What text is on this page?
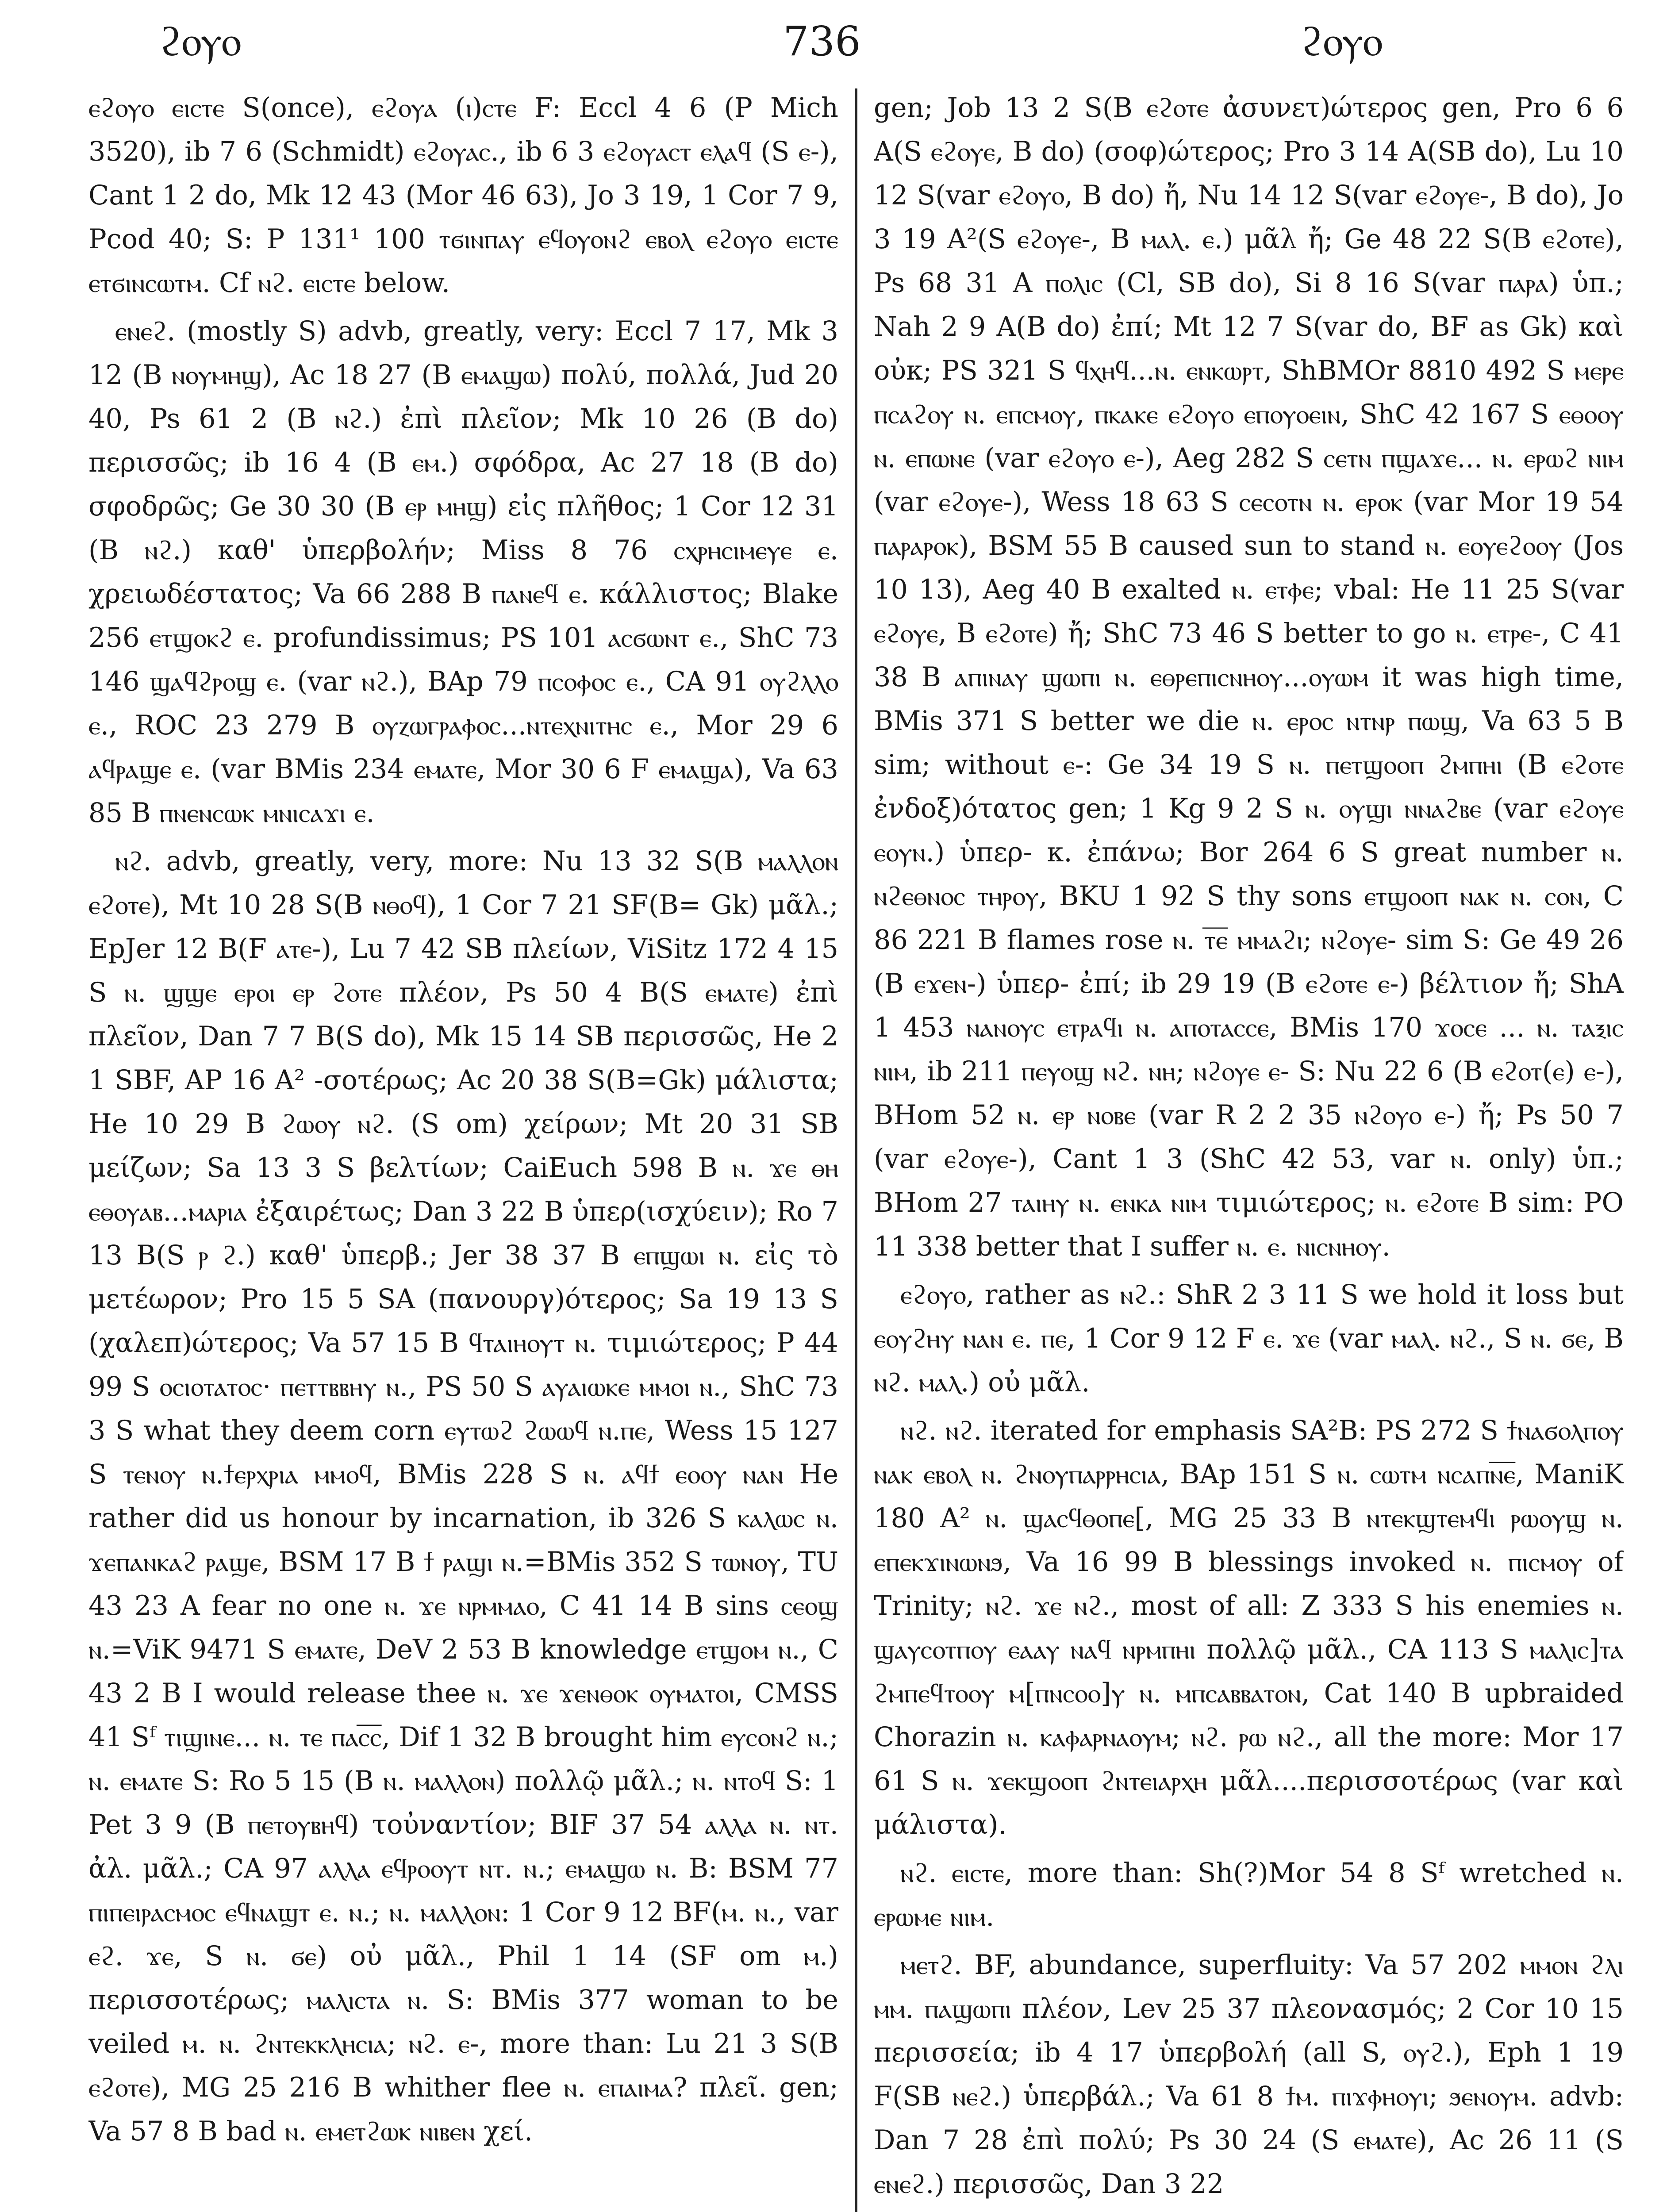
ϩⲟⲩⲟ	736	ϩⲟⲩⲟ

ⲉϩⲟⲩⲟ ⲉⲓⲥⲧⲉ S(once), ⲉϩⲟⲩⲁ (ⲓ)ⲥⲧⲉ F: Eccl 4 6 (P Mich 3520), ib 7 6 (Schmidt) ⲉϩⲟⲩⲁⲥ., ib 6 3 ⲉϩⲟⲩⲁⲥⲧ ⲉⲗⲁϥ (S ⲉ-), Cant 1 2 do, Mk 12 43 (Mor 46 63), Jo 3 19, 1 Cor 7 9, Pcod 40; S: P 131¹ 100 ⲧϭⲓⲛⲡⲁⲩ ⲉϥⲟⲩⲟⲛϩ ⲉⲃⲟⲗ ⲉϩⲟⲩⲟ ⲉⲓⲥⲧⲉ ⲉⲧϭⲓⲛⲥⲱⲧⲙ. Cf ⲛϩ. ⲉⲓⲥⲧⲉ below.

ⲉⲛⲉϩ. (mostly S) advb, greatly, very: Eccl 7 17, Mk 3 12 (B ⲛⲟⲩⲙⲏϣ), Ac 18 27 (B ⲉⲙⲁϣⲱ) πολύ, πολλά, Jud 20 40, Ps 61 2 (B ⲛϩ.) ἐπὶ πλεῖον; Mk 10 26 (B do) περισσῶς; ib 16 4 (B ⲉⲙ.) σφόδρα, Ac 27 18 (B do) σφοδρῶς; Ge 30 30 (B ⲉⲣ ⲙⲏϣ) εἰς πλῆθος; 1 Cor 12 31 (B ⲛϩ.) καθ' ὑπερβολήν; Miss 8 76 ⲥⲭⲣⲏⲥⲓⲙⲉⲩⲉ ⲉ. χρειωδέστατος; Va 66 288 B ⲡⲁⲛⲉϥ ⲉ. κάλλιστος; Blake 256 ⲉⲧϣⲟⲕϩ ⲉ. profundissimus; PS 101 ⲁⲥϭⲱⲛⲧ ⲉ., ShC 73 146 ϣⲁϥϩⲣⲟϣ ⲉ. (var ⲛϩ.), BAp 79 ⲡⲥⲟⲫⲟⲥ ⲉ., CA 91 ⲟⲩϩⲗⲗⲟ ⲉ., ROC 23 279 B ⲟⲩⲍⲱⲅⲣⲁⲫⲟⲥ...ⲛⲧⲉⲭⲛⲓⲧⲏⲥ ⲉ., Mor 29 6 ⲁϥⲣⲁϣⲉ ⲉ. (var BMis 234 ⲉⲙⲁⲧⲉ, Mor 30 6 F ⲉⲙⲁϣⲁ), Va 63 85 B ⲡⲛⲉⲛⲥⲱⲕ ⲙⲛⲓⲥⲁϫⲓ ⲉ.

ⲛϩ. advb, greatly, very, more: Nu 13 32 S(B ⲙⲁⲗⲗⲟⲛ ⲉϩⲟⲧⲉ), Mt 10 28 S(B ⲛⲑⲟϥ), 1 Cor 7 21 SF(B= Gk) μᾶλ.; EpJer 12 B(F ⲁⲧⲉ-), Lu 7 42 SB πλείων, ViSitz 172 4 15 S ⲛ. ϣϣⲉ ⲉⲣⲟⲓ ⲉⲣ ϩⲟⲧⲉ πλέον, Ps 50 4 B(S ⲉⲙⲁⲧⲉ) ἐπὶ πλεῖον, Dan 7 7 B(S do), Mk 15 14 SB περισσῶς, He 2 1 SBF, AP 16 A² -σοτέρως; Ac 20 38 S(B=Gk) μάλιστα; He 10 29 B ϩⲱⲟⲩ ⲛϩ. (S om) χείρων; Mt 20 31 SB μείζων; Sa 13 3 S βελτίων; CaiEuch 598 B ⲛ. ϫⲉ ⲑⲏ ⲉⲑⲟⲩⲁⲃ...ⲙⲁⲣⲓⲁ ἐξαιρέτως; Dan 3 22 B ὑπερ(ισχύειν); Ro 7 13 B(S ⲣ ϩ.) καθ' ὑπερβ.; Jer 38 37 B ⲉⲡϣⲱⲓ ⲛ. εἰς τὸ μετέωρον; Pro 15 5 SA (πανουργ)ότερος; Sa 19 13 S (χαλεπ)ώτερος; Va 57 15 B ϥⲧⲁⲓⲏⲟⲩⲧ ⲛ. τιμιώτερος; P 44 99 S ⲟⲥⲓⲟⲧⲁⲧⲟⲥ· ⲡⲉⲧⲧⲃⲃⲏⲩ ⲛ., PS 50 S ⲁⲩⲁⲓⲱⲕⲉ ⲙⲙⲟⲓ ⲛ., ShC 73 3 S what they deem corn ⲉⲩⲧⲱϩ ϩⲱⲱϥ ⲛ.ⲡⲉ, Wess 15 127 S ⲧⲉⲛⲟⲩ ⲛ.ϯⲉⲣⲭⲣⲓⲁ ⲙⲙⲟϥ, BMis 228 S ⲛ. ⲁϥϯ ⲉⲟⲟⲩ ⲛⲁⲛ He rather did us honour by incarnation, ib 326 S ⲕⲁⲗⲱⲥ ⲛ. ϫⲉⲡⲁⲛⲕⲁϩ ⲣⲁϣⲉ, BSM 17 B ϯ ⲣⲁϣⲓ ⲛ.=BMis 352 S ⲧⲱⲛⲟⲩ, TU 43 23 A fear no one ⲛ. ϫⲉ ⲛⲣⲙⲙⲁⲟ, C 41 14 B sins ⲥⲉⲟϣ ⲛ.=ViK 9471 S ⲉⲙⲁⲧⲉ, DeV 2 53 B knowledge ⲉⲧϣⲟⲙ ⲛ., C 43 2 B I would release thee ⲛ. ϫⲉ ϫⲉⲛⲑⲟⲕ ⲟⲩⲙⲁⲧⲟⲓ, CMSS 41 Sᶠ ⲧⲓϣⲓⲛⲉ... ⲛ. ⲧⲉ ⲡⲁⲥ̅ⲥ̅, Dif 1 32 B brought him ⲉⲩⲥⲟⲛϩ ⲛ.; ⲛ. ⲉⲙⲁⲧⲉ S: Ro 5 15 (B ⲛ. ⲙⲁⲗⲗⲟⲛ) πολλῷ μᾶλ.; ⲛ. ⲛⲧⲟϥ S: 1 Pet 3 9 (B ⲡⲉⲧⲟⲩⲃⲏϥ) τοὐναντίον; BIF 37 54 ⲁⲗⲗⲁ ⲛ. ⲛⲧ. ἀλ. μᾶλ.; CA 97 ⲁⲗⲗⲁ ⲉϥⲣⲟⲟⲩⲧ ⲛⲧ. ⲛ.; ⲉⲙⲁϣⲱ ⲛ. B: BSM 77 ⲡⲓⲡⲉⲓⲣⲁⲥⲙⲟⲥ ⲉϥⲛⲁϣⲧ ⲉ. ⲛ.; ⲛ. ⲙⲁⲗⲗⲟⲛ: 1 Cor 9 12 BF(ⲙ. ⲛ., var ⲉϩ. ϫⲉ, S ⲛ. ϭⲉ) οὐ μᾶλ., Phil 1 14 (SF om ⲙ.) περισσοτέρως; ⲙⲁⲗⲓⲥⲧⲁ ⲛ. S: BMis 377 woman to be veiled ⲙ. ⲛ. ϩⲛⲧⲉⲕⲕⲗⲏⲥⲓⲁ; ⲛϩ. ⲉ-, more than: Lu 21 3 S(B ⲉϩⲟⲧⲉ), MG 25 216 B whither flee ⲛ. ⲉⲡⲁⲓⲙⲁ? πλεῖ. gen; Va 57 8 B bad ⲛ. ⲉⲙⲉⲧϩⲱⲕ ⲛⲓⲃⲉⲛ χεί.

gen; Job 13 2 S(B ⲉϩⲟⲧⲉ ἀσυνετ)ώτερος gen, Pro 6 6 A(S ⲉϩⲟⲩⲉ, B do) (σοφ)ώτερος; Pro 3 14 A(SB do), Lu 10 12 S(var ⲉϩⲟⲩⲟ, B do) ἤ, Nu 14 12 S(var ⲉϩⲟⲩⲉ-, B do), Jo 3 19 A²(S ⲉϩⲟⲩⲉ-, B ⲙⲁⲗ. ⲉ.) μᾶλ ἤ; Ge 48 22 S(B ⲉϩⲟⲧⲉ), Ps 68 31 A ⲡⲟⲗⲓⲥ (Cl, SB do), Si 8 16 S(var ⲡⲁⲣⲁ) ὑπ.; Nah 2 9 A(B do) ἐπί; Mt 12 7 S(var do, BF as Gk) καὶ οὐκ; PS 321 S ϥⲭⲏϥ...ⲛ. ⲉⲛⲕⲱⲣⲧ, ShBMOr 8810 492 S ⲙⲉⲣⲉ ⲡⲥⲁϩⲟⲩ ⲛ. ⲉⲡⲥⲙⲟⲩ, ⲡⲕⲁⲕⲉ ⲉϩⲟⲩⲟ ⲉⲡⲟⲩⲟⲉⲓⲛ, ShC 42 167 S ⲉⲑⲟⲟⲩ ⲛ. ⲉⲡⲱⲛⲉ (var ⲉϩⲟⲩⲟ ⲉ-), Aeg 282 S ⲥⲉⲧⲛ ⲡϣⲁϫⲉ... ⲛ. ⲉⲣⲱϩ ⲛⲓⲙ (var ⲉϩⲟⲩⲉ-), Wess 18 63 S ⲥⲉⲥⲟⲧⲛ ⲛ. ⲉⲣⲟⲕ (var Mor 19 54 ⲡⲁⲣⲁⲣⲟⲕ), BSM 55 B caused sun to stand ⲛ. ⲉⲟⲩⲉϩⲟⲟⲩ (Jos 10 13), Aeg 40 B exalted ⲛ. ⲉⲧⲫⲉ; vbal: He 11 25 S(var ⲉϩⲟⲩⲉ, B ⲉϩⲟⲧⲉ) ἤ; ShC 73 46 S better to go ⲛ. ⲉⲧⲣⲉ-, C 41 38 B ⲁⲡⲓⲛⲁⲩ ϣⲱⲡⲓ ⲛ. ⲉⲑⲣⲉⲡⲓⲥⲛⲏⲟⲩ...ⲟⲩⲱⲙ it was high time, BMis 371 S better we die ⲛ. ⲉⲣⲟⲥ ⲛⲧⲛⲣ ⲡⲱϣ, Va 63 5 B sim; without ⲉ-: Ge 34 19 S ⲛ. ⲡⲉⲧϣⲟⲟⲡ ϩⲙⲡⲏⲓ (B ⲉϩⲟⲧⲉ ἐνδοξ)ότατος gen; 1 Kg 9 2 S ⲛ. ⲟⲩϣⲓ ⲛⲛⲁϩⲃⲉ (var ⲉϩⲟⲩⲉ ⲉⲟⲩⲛ.) ὑπερ- κ. ἐπάνω; Bor 264 6 S great number ⲛ. ⲛϩⲉⲑⲛⲟⲥ ⲧⲏⲣⲟⲩ, BKU 1 92 S thy sons ⲉⲧϣⲟⲟⲡ ⲛⲁⲕ ⲛ. ⲥⲟⲛ, C 86 221 B flames rose ⲛ. ⲧ̅ⲉ̅ ⲙⲙⲁϩⲓ; ⲛϩⲟⲩⲉ- sim S: Ge 49 26 (B ⲉϫⲉⲛ-) ὑπερ- ἐπί; ib 29 19 (B ⲉϩⲟⲧⲉ ⲉ-) βέλτιον ἤ; ShA 1 453 ⲛⲁⲛⲟⲩⲥ ⲉⲧⲣⲁϥⲓ ⲛ. ⲁⲡⲟⲧⲁⲥⲥⲉ, BMis 170 ϫⲟⲥⲉ ... ⲛ. ⲧⲁⲝⲓⲥ ⲛⲓⲙ, ib 211 ⲡⲉⲩⲟϣ ⲛϩ. ⲛⲏ; ⲛϩⲟⲩⲉ ⲉ- S: Nu 22 6 (B ⲉϩⲟⲧ(ⲉ) ⲉ-), BHom 52 ⲛ. ⲉⲣ ⲛⲟⲃⲉ (var R 2 2 35 ⲛϩⲟⲩⲟ ⲉ-) ἤ; Ps 50 7 (var ⲉϩⲟⲩⲉ-), Cant 1 3 (ShC 42 53, var ⲛ. only) ὑπ.; BHom 27 ⲧⲁⲓⲏⲩ ⲛ. ⲉⲛⲕⲁ ⲛⲓⲙ τιμιώτερος; ⲛ. ⲉϩⲟⲧⲉ B sim: PO 11 338 better that I suffer ⲛ. ⲉ. ⲛⲓⲥⲛⲏⲟⲩ.

ⲉϩⲟⲩⲟ, rather as ⲛϩ.: ShR 2 3 11 S we hold it loss but ⲉⲟⲩϩⲏⲩ ⲛⲁⲛ ⲉ. ⲡⲉ, 1 Cor 9 12 F ⲉ. ϫⲉ (var ⲙⲁⲗ. ⲛϩ., S ⲛ. ϭⲉ, B ⲛϩ. ⲙⲁⲗ.) οὐ μᾶλ.

ⲛϩ. ⲛϩ. iterated for emphasis SA²B: PS 272 S ϯⲛⲁϭⲟⲗⲡⲟⲩ ⲛⲁⲕ ⲉⲃⲟⲗ ⲛ. ϩⲛⲟⲩⲡⲁⲣⲣⲏⲥⲓⲁ, BAp 151 S ⲛ. ⲥⲱⲧⲙ ⲛⲥⲁⲡⲛ̅ⲉ̅, ManiK 180 A² ⲛ. ϣⲁⲥϥⲑⲟⲡⲉ[, MG 25 33 B ⲛⲧⲉⲕϣⲧⲉⲙϥⲓ ⲣⲱⲟⲩϣ ⲛ. ⲉⲡⲉⲕϫⲓⲛⲱⲛϧ, Va 16 99 B blessings invoked ⲛ. ⲡⲓⲥⲙⲟⲩ of Trinity; ⲛϩ. ϫⲉ ⲛϩ., most of all: Z 333 S his enemies ⲛ. ϣⲁⲩⲥⲟⲧⲡⲟⲩ ⲉⲁⲁⲩ ⲛⲁϥ ⲛⲣⲙⲡⲏⲓ πολλῷ μᾶλ., CA 113 S ⲙⲁⲗⲓⲥ]ⲧⲁ ϩⲙⲡⲉϥⲧⲟⲟⲩ ⲙ[ⲡⲛⲥⲟⲟ]ⲩ ⲛ. ⲙⲡⲥⲁⲃⲃⲁⲧⲟⲛ, Cat 140 B upbraided Chorazin ⲛ. ⲕⲁⲫⲁⲣⲛⲁⲟⲩⲙ; ⲛϩ. ⲣⲱ ⲛϩ., all the more: Mor 17 61 S ⲛ. ϫⲉⲕϣⲟⲟⲡ ϩⲛⲧⲉⲓⲁⲣⲭⲏ μᾶλ....περισσοτέρως (var καὶ μάλιστα).

ⲛϩ. ⲉⲓⲥⲧⲉ, more than: Sh(?)Mor 54 8 Sᶠ wretched ⲛ. ⲉⲣⲱⲙⲉ ⲛⲓⲙ.

ⲙⲉⲧϩ. BF, abundance, superfluity: Va 57 202 ⲙⲙⲟⲛ ϩⲗⲓ ⲙⲙ. ⲡⲁϣⲱⲡⲓ πλέον, Lev 25 37 πλεονασμός; 2 Cor 10 15 περισσεία; ib 4 17 ὑπερβολή (all S, ⲟⲩϩ.), Eph 1 19 F(SB ⲛⲉϩ.) ὑπερβάλ.; Va 61 8 ϯⲙ. ⲡⲓϫⲫⲏⲟⲩⲓ; ϧⲉⲛⲟⲩⲙ. advb: Dan 7 28 ἐπὶ πολύ; Ps 30 24 (S ⲉⲙⲁⲧⲉ), Ac 26 11 (S ⲉⲛⲉϩ.) περισσῶς, Dan 3 22
